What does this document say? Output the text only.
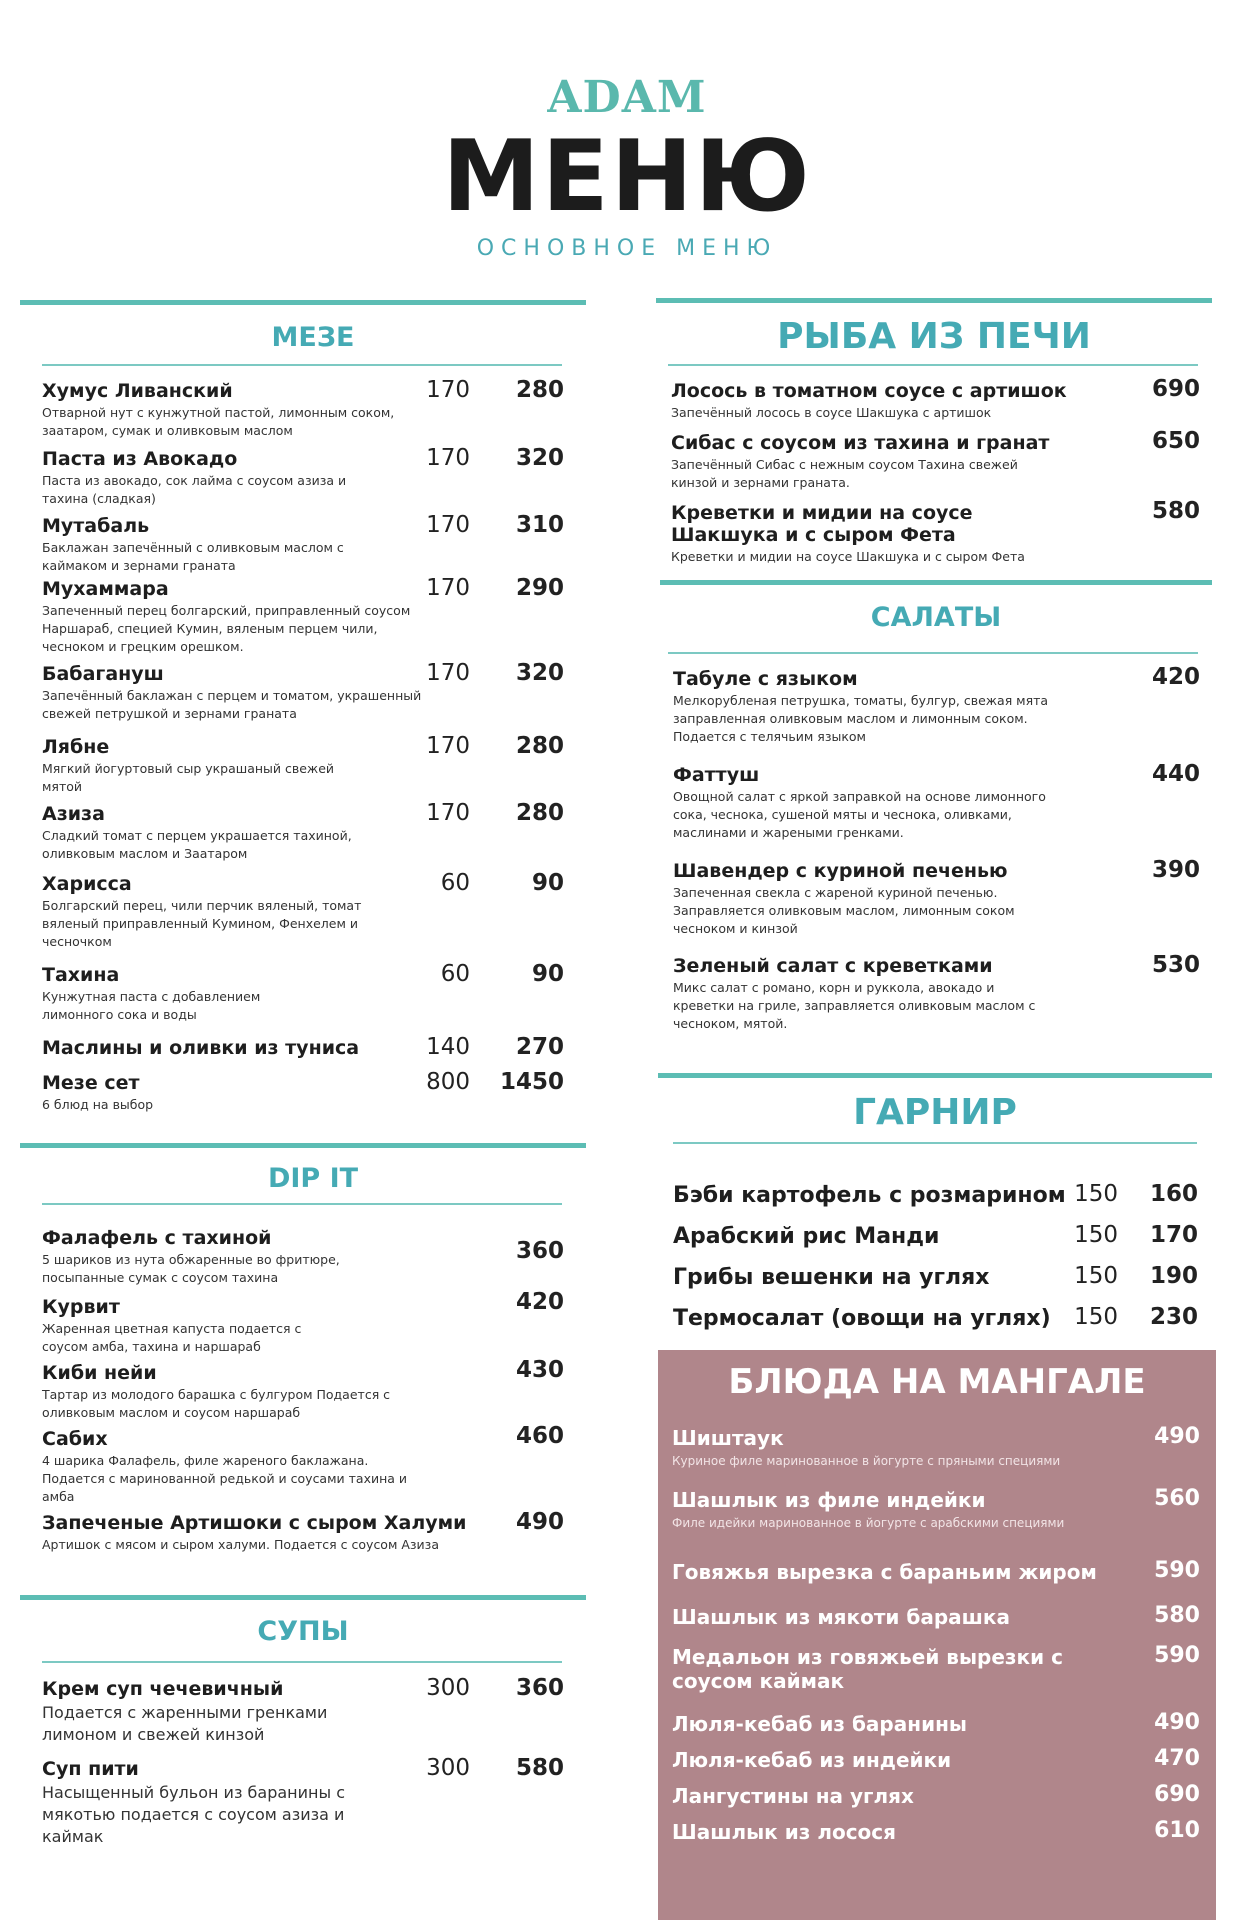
ADAM
МЕНЮ
ОСНОВНОЕ МЕНЮ
МЕЗЕ
Хумус Ливанский
Отварной нут с кунжутной пастой, лимонным соком, заатаром, сумак и оливковым маслом
170	280
Паста из Авокадо
Паста из авокадо, сок лайма с соусом азиза и тахина (сладкая)
170	320
Мутабаль
Баклажан запечённый с оливковым маслом с каймаком и зернами граната
170	310
Мухаммара
Запеченный перец болгарский, приправленный соусом Наршараб, специей Кумин, вяленым перцем чили, чесноком и грецким орешком.
170	290
Бабагануш
Запечённый баклажан с перцем и томатом, украшенный свежей петрушкой и зернами граната
170	320
Лябне
Мягкий йогуртовый сыр украшаный свежей мятой
170	280
Азиза
Сладкий томат с перцем украшается тахиной, оливковым маслом и Заатаром
170	280
Харисса
Болгарский перец, чили перчик вяленый, томат вяленый приправленный Кумином, Фенхелем и чесночком
60	90
Тахина
Кунжутная паста с добавлением лимонного сока и воды
60	90
Маслины и оливки из туниса	140	270
Мезе сет
6 блюд на выбор
800 1450
DIP IT
Фалафель с тахиной
5 шариков из нута обжаренные во фритюре, посыпанные сумак с соусом тахина
360
Курвит
Жаренная цветная капуста подается с соусом амба, тахина и наршараб
420
Киби нейи
Тартар из молодого барашка с булгуром Подается с оливковым маслом и соусом наршараб
430
Сабих
4 шарика Фалафель, филе жареного баклажана. Подается с маринованной редькой и соусами тахина и амба
460
Запеченые Артишоки с сыром Халуми
Артишок с мясом и сыром халуми. Подается с соусом Азиза
490
СУПЫ
Крем суп чечевичный
Подается с жаренными гренками лимоном и свежей кинзой
300	360
Суп пити
Насыщенный бульон из баранины с мякотью подается с соусом азиза и каймак
300	580
РЫБА ИЗ ПЕЧИ
Лосось в томатном соусе с артишок
Запечённый лосось в соусе Шакшука с артишок
690
Сибас с соусом из тахина и гранат
Запечённый Сибас с нежным соусом Тахина свежей кинзой и зернами граната.
650
Креветки и мидии на соусе Шакшука и с сыром Фета
Креветки и мидии на соусе Шакшука и с сыром Фета
580
САЛАТЫ
Табуле с языком
Мелкорубленая петрушка, томаты, булгур, свежая мята заправленная оливковым маслом и лимонным соком. Подается с телячьим языком
420
Фаттуш
Овощной салат с яркой заправкой на основе лимонного сока, чеснока, сушеной мяты и чеснока, оливками, маслинами и жареными гренками.
440
Шавендер с куриной печенью
Запеченная свекла с жареной куриной печенью. Заправляется оливковым маслом, лимонным соком чесноком и кинзой
390
Зеленый салат с креветками
Микс салат с романо, корн и руккола, авокадо и креветки на гриле, заправляется оливковым маслом с чесноком, мятой.
530
ГАРНИР
Бэби картофель с розмарином 150	160
Арабский рис Манди	150	170
Грибы вешенки на углях	150	190
Термосалат (овощи на углях) 150	230
БЛЮДА НА МАНГАЛЕ
Шиштаук
Куриное филе маринованное в йогурте с пряными специями
490
Шашлык из филе индейки
Филе идейки маринованное в йогурте с арабскими специями
560
Говяжья вырезка с бараньим жиром	590
Шашлык из мякоти барашка	580
Медальон из говяжьей вырезки с соусом каймак
590
Люля-кебаб из баранины	490
Люля-кебаб из индейки	470
Лангустины на углях	690
Шашлык из лосося	610
